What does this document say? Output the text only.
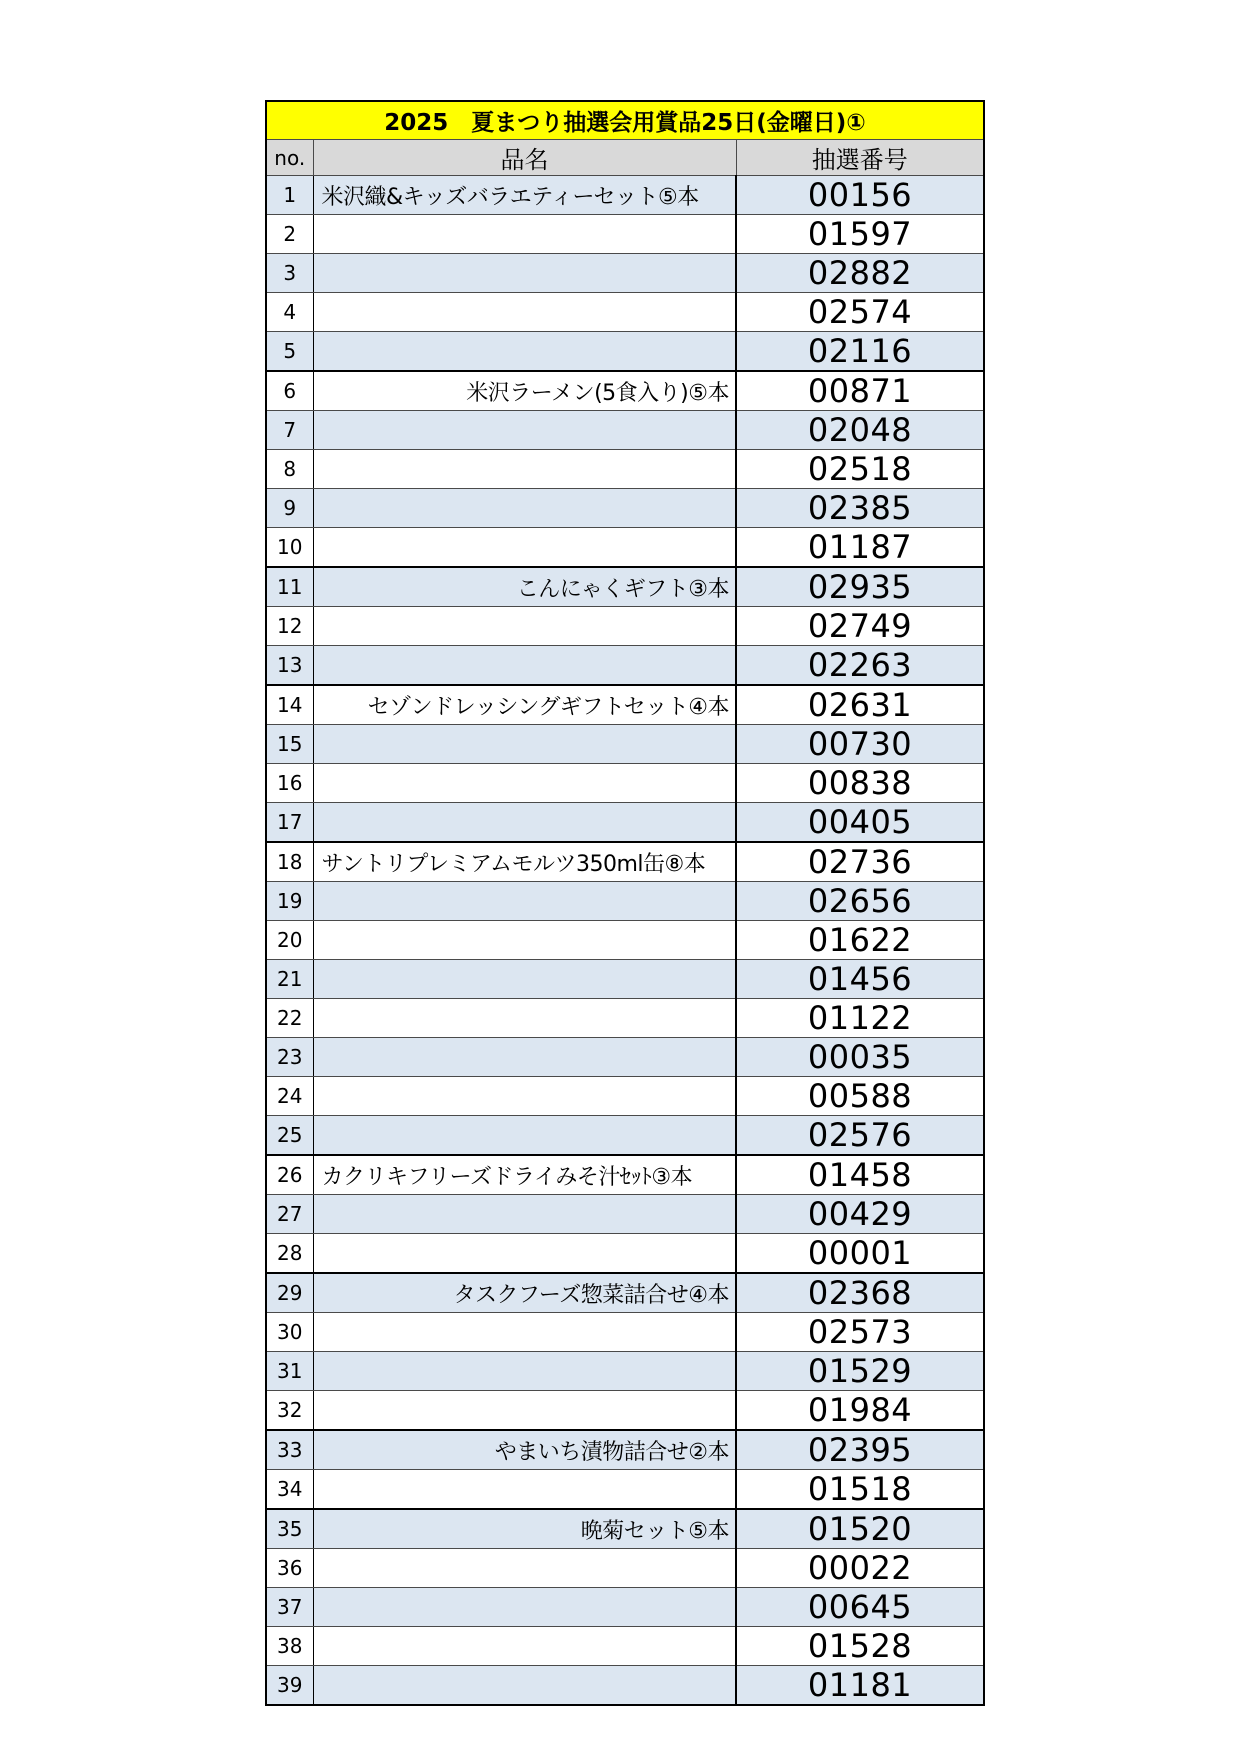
2025　夏まつり抽選会用賞品25日(金曜日)①		
no.	品名	抽選番号
1	米沢織&キッズバラエティーセット⑤本	00156
2		01597
3		02882
4		02574
5		02116
6	米沢ラーメン(5食入り)⑤本	00871
7		02048
8		02518
9		02385
10		01187
11	こんにゃくギフト③本	02935
12		02749
13		02263
14	セゾンドレッシングギフトセット④本	02631
15		00730
16		00838
17		00405
18	サントリプレミアムモルツ350ml缶⑧本	02736
19		02656
20		01622
21		01456
22		01122
23		00035
24		00588
25		02576
26	カクリキフリーズドライみそ汁ｾｯﾄ③本	01458
27		00429
28		00001
29	タスクフーズ惣菜詰合せ④本	02368
30		02573
31		01529
32		01984
33	やまいち漬物詰合せ②本	02395
34		01518
35	晩菊セット⑤本	01520
36		00022
37		00645
38		01528
39		01181
